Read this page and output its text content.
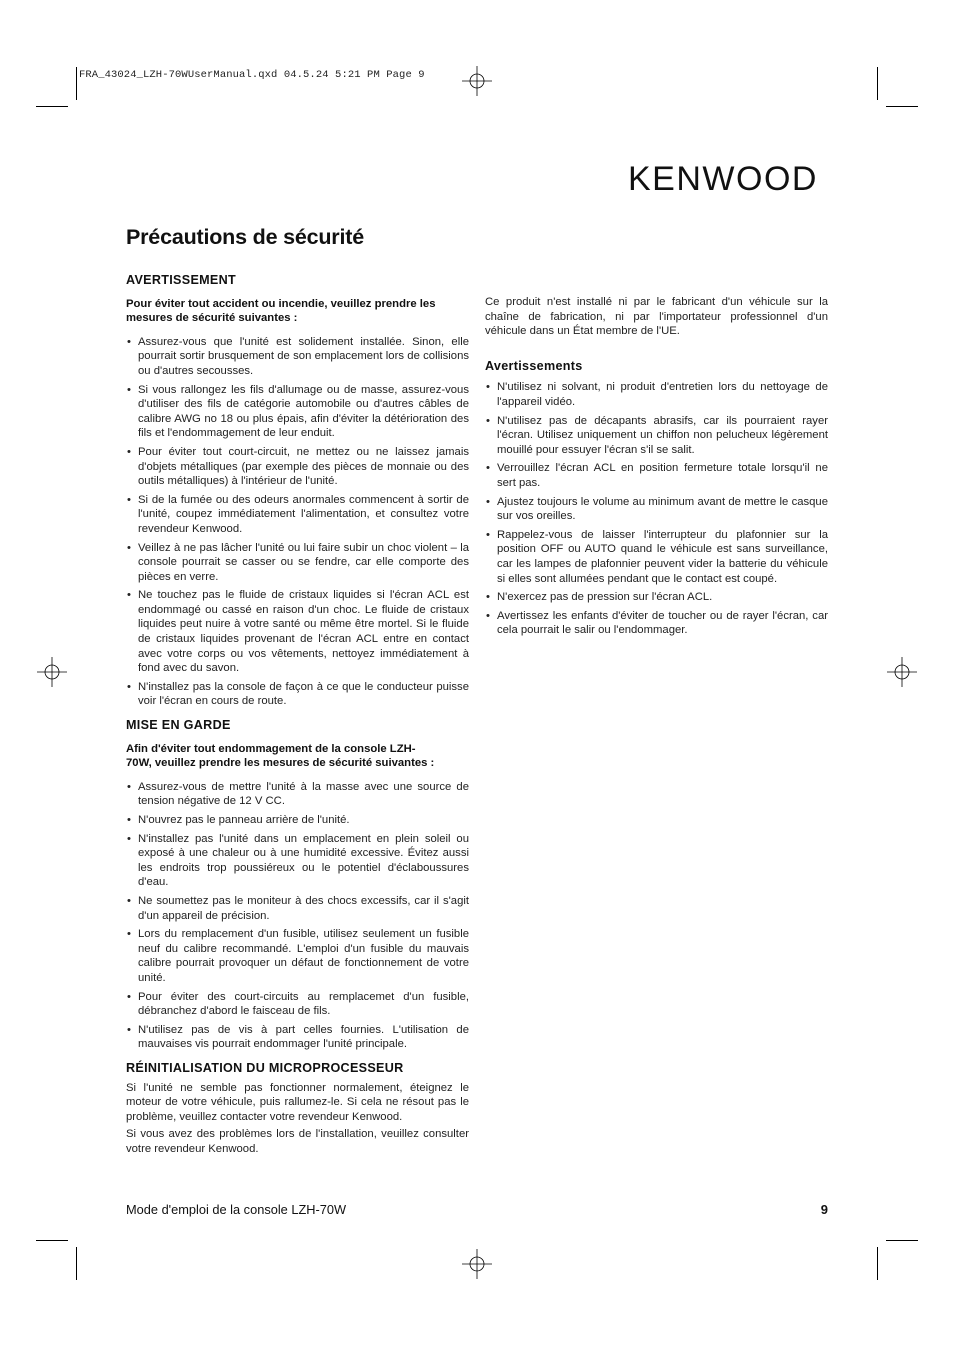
FRA_43024_LZH-70WUserManual.qxd 04.5.24 5:21 PM Page 9
KENWOOD
Précautions de sécurité
AVERTISSEMENT
Pour éviter tout accident ou incendie, veuillez prendre les mesures de sécurité suivantes :
• Assurez-vous que l'unité est solidement installée. Sinon, elle pourrait sortir brusquement de son emplacement lors de collisions ou d'autres secousses.
• Si vous rallongez les fils d'allumage ou de masse, assurez-vous d'utiliser des fils de catégorie automobile ou d'autres câbles de calibre AWG no 18 ou plus épais, afin d'éviter la détérioration des fils et l'endommagement de leur enduit.
• Pour éviter tout court-circuit, ne mettez ou ne laissez jamais d'objets métalliques (par exemple des pièces de monnaie ou des outils métalliques) à l'intérieur de l'unité.
• Si de la fumée ou des odeurs anormales commencent à sortir de l'unité, coupez immédiatement l'alimentation, et consultez votre revendeur Kenwood.
• Veillez à ne pas lâcher l'unité ou lui faire subir un choc violent – la console pourrait se casser ou se fendre, car elle comporte des pièces en verre.
• Ne touchez pas le fluide de cristaux liquides si l'écran ACL est endommagé ou cassé en raison d'un choc. Le fluide de cristaux liquides peut nuire à votre santé ou même être mortel. Si le fluide de cristaux liquides provenant de l'écran ACL entre en contact avec votre corps ou vos vêtements, nettoyez immédiatement à fond avec du savon.
• N'installez pas la console de façon à ce que le conducteur puisse voir l'écran en cours de route.
MISE EN GARDE
Afin d'éviter tout endommagement de la console LZH-
70W, veuillez prendre les mesures de sécurité suivantes :
• Assurez-vous de mettre l'unité à la masse avec une source de tension négative de 12 V CC.
• N'ouvrez pas le panneau arrière de l'unité.
• N'installez pas l'unité dans un emplacement en plein soleil ou exposé à une chaleur ou à une humidité excessive. Évitez aussi les endroits trop poussiéreux ou le potentiel d'éclaboussures d'eau.
• Ne soumettez pas le moniteur à des chocs excessifs, car il s'agit d'un appareil de précision.
• Lors du remplacement d'un fusible, utilisez seulement un fusible neuf du calibre recommandé. L'emploi d'un fusible du mauvais calibre pourrait provoquer un défaut de fonctionnement de votre unité.
• Pour éviter des court-circuits au remplacemet d'un fusible, débranchez d'abord le faisceau de fils.
• N'utilisez pas de vis à part celles fournies. L'utilisation de mauvaises vis pourrait endommager l'unité principale.
RÉINITIALISATION DU MICROPROCESSEUR

Si l'unité ne semble pas fonctionner normalement, éteignez le moteur de votre véhicule, puis rallumez-le. Si cela ne résout pas le problème, veuillez contacter votre revendeur Kenwood.

Si vous avez des problèmes lors de l'installation, veuillez consulter votre revendeur Kenwood.

Ce produit n'est installé ni par le fabricant d'un véhicule sur la chaîne de fabrication, ni par l'importateur professionnel d'un véhicule dans un État membre de l'UE.

Avertissements
• N'utilisez ni solvant, ni produit d'entretien lors du nettoyage de l'appareil vidéo.
• N'utilisez pas de décapants abrasifs, car ils pourraient rayer l'écran. Utilisez uniquement un chiffon non pelucheux légèrement mouillé pour essuyer l'écran s'il se salit.
• Verrouillez l'écran ACL en position fermeture totale lorsqu'il ne sert pas.
• Ajustez toujours le volume au minimum avant de mettre le casque sur vos oreilles.
• Rappelez-vous de laisser l'interrupteur du plafonnier sur la position OFF ou AUTO quand le véhicule est sans surveillance, car les lampes de plafonnier peuvent vider la batterie du véhicule si elles sont allumées pendant que le contact est coupé.
• N'exercez pas de pression sur l'écran ACL.
• Avertissez les enfants d'éviter de toucher ou de rayer l'écran, car cela pourrait le salir ou l'endommager.
Mode d'emploi de la console LZH-70W	9
